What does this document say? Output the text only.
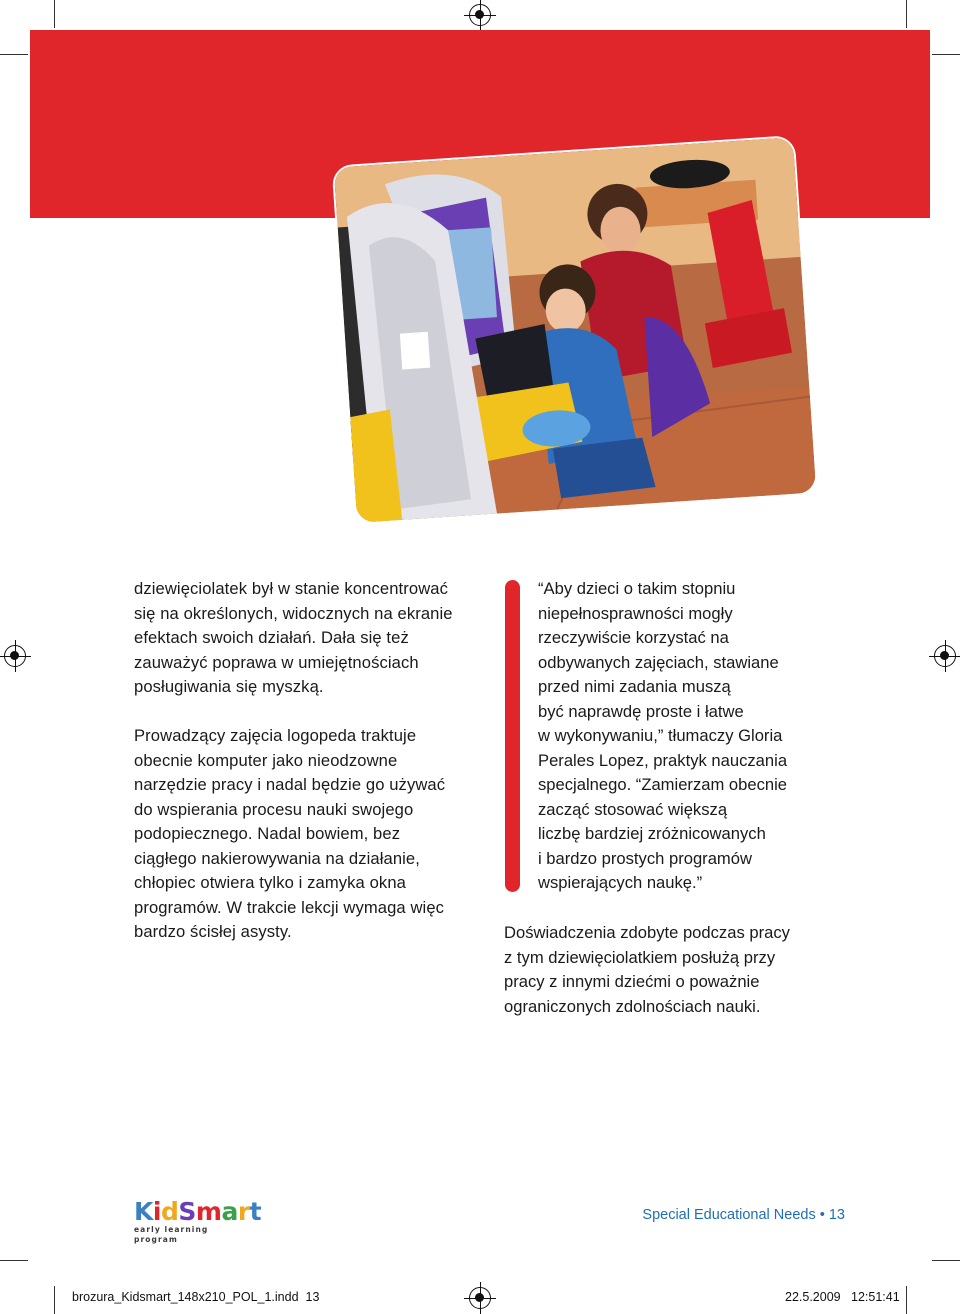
dziewięciolatek był w stanie koncentrować
się na określonych, widocznych na ekranie
efektach swoich działań. Dała się też
zauważyć poprawa w umiejętnościach
posługiwania się myszką.

Prowadzący zajęcia logopeda traktuje
obecnie komputer jako nieodzowne
narzędzie pracy i nadal będzie go używać
do wspierania procesu nauki swojego
podopiecznego. Nadal bowiem, bez
ciągłego nakierowywania na działanie,
chłopiec otwiera tylko i zamyka okna
programów. W trakcie lekcji wymaga więc
bardzo ścisłej asysty.

“Aby dzieci o takim stopniu
niepełnosprawności mogły
rzeczywiście korzystać na
odbywanych zajęciach, stawiane
przed nimi zadania muszą
być naprawdę proste i łatwe
w wykonywaniu,” tłumaczy Gloria
Perales Lopez, praktyk nauczania
specjalnego. “Zamierzam obecnie
zacząć stosować większą
liczbę bardziej zróżnicowanych
i bardzo prostych programów
wspierających naukę.”
Doświadczenia zdobyte podczas pracy
z tym dziewięciolatkiem posłużą przy
pracy z innymi dziećmi o poważnie
ograniczonych zdolnościach nauki.
KidSmart
early learning program
Special Educational Needs • 13
brozura_Kidsmart_148x210_POL_1.indd 13	22.5.2009 12:51:41
